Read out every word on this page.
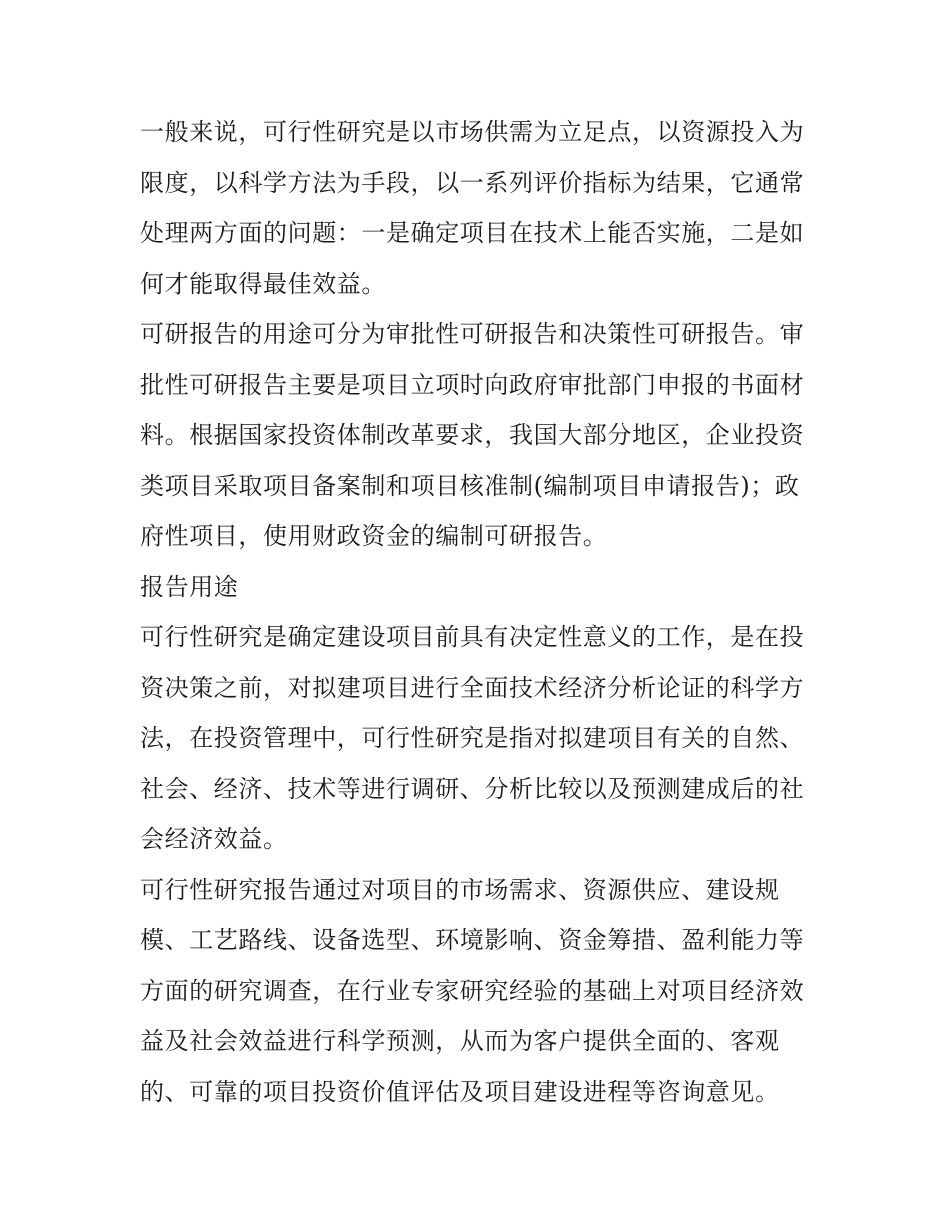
一般来说，可行性研究是以市场供需为立足点，以资源投入为限度，以科学方法为手段，以一系列评价指标为结果，它通常处理两方面的问题：一是确定项目在技术上能否实施，二是如何才能取得最佳效益。

可研报告的用途可分为审批性可研报告和决策性可研报告。审批性可研报告主要是项目立项时向政府审批部门申报的书面材料。根据国家投资体制改革要求，我国大部分地区，企业投资类项目采取项目备案制和项目核准制(编制项目申请报告)；政府性项目，使用财政资金的编制可研报告。

报告用途

可行性研究是确定建设项目前具有决定性意义的工作，是在投资决策之前，对拟建项目进行全面技术经济分析论证的科学方法，在投资管理中，可行性研究是指对拟建项目有关的自然、社会、经济、技术等进行调研、分析比较以及预测建成后的社会经济效益。

可行性研究报告通过对项目的市场需求、资源供应、建设规模、工艺路线、设备选型、环境影响、资金筹措、盈利能力等方面的研究调查，在行业专家研究经验的基础上对项目经济效益及社会效益进行科学预测，从而为客户提供全面的、客观的、可靠的项目投资价值评估及项目建设进程等咨询意见。
